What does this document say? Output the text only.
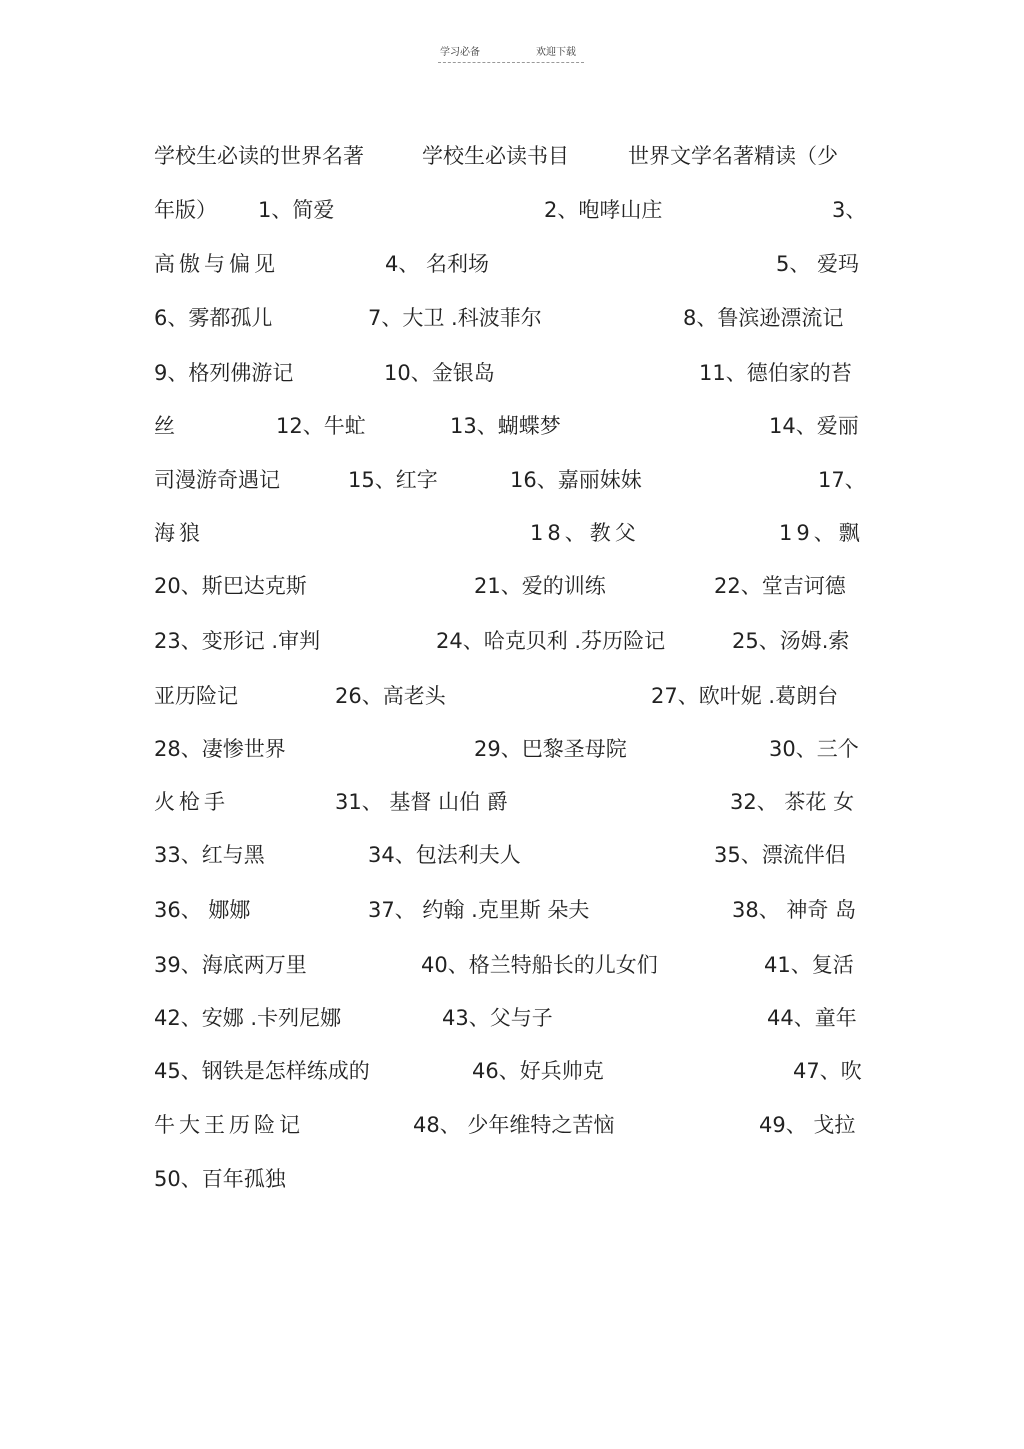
学习必备	欢迎下载
学校生必读的世界名著	学校生必读书目	世界文学名著精读（少
年版） 1、简爱	2、咆哮山庄	3、
高傲与偏见	4、 名利场	5、 爱玛
6、雾都孤儿	7、大卫 .科波菲尔	8、鲁滨逊漂流记
9、格列佛游记	10、金银岛	11、德伯家的苔
丝	12、牛虻	13、蝴蝶梦	14、爱丽
司漫游奇遇记	15、红字	16、嘉丽妹妹	17、
海狼	18、教父	19、飘
20、斯巴达克斯	21、爱的训练	22、堂吉诃德
23、变形记 .审判	24、哈克贝利 .芬历险记	25、汤姆.索
亚历险记	26、高老头	27、欧叶妮 .葛朗台
28、凄惨世界	29、巴黎圣母院	30、三个
火枪手	31、 基督 山伯 爵	32、 茶花 女
33、红与黑	34、包法利夫人	35、漂流伴侣
36、 娜娜	37、 约翰 .克里斯 朵夫	38、 神奇 岛
39、海底两万里	40、格兰特船长的儿女们	41、复活
42、安娜 .卡列尼娜	43、父与子	44、童年
45、钢铁是怎样练成的	46、好兵帅克	47、吹
牛大王历险记	48、 少年维特之苦恼	49、 戈拉
50、百年孤独
